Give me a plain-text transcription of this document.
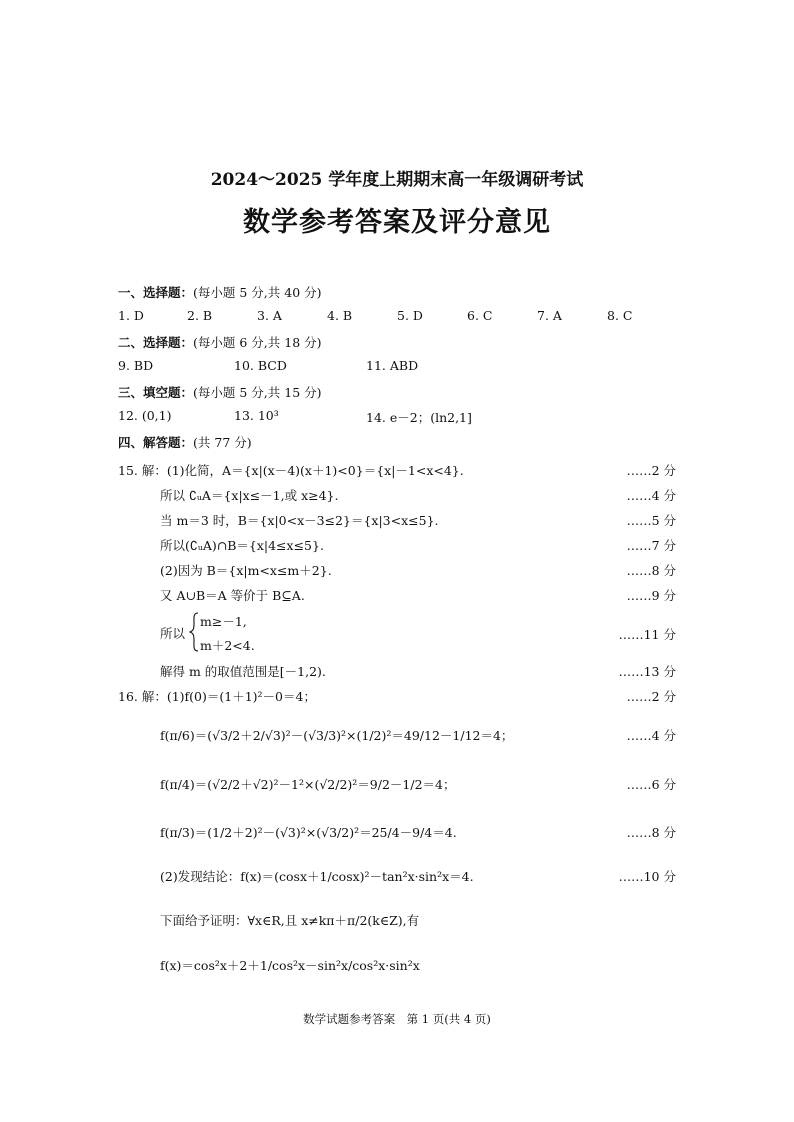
2024～2025 学年度上期期末高一年级调研考试
数学参考答案及评分意见
一、选择题：(每小题 5 分,共 40 分)
1. D	2. B	3. A	4. B	5. D	6. C	7. A	8. C
二、选择题：(每小题 6 分,共 18 分)
9. BD	10. BCD	11. ABD
三、填空题：(每小题 5 分,共 15 分)
12. (0,1)	13. 10³	14. e－2；(ln2,1]
四、解答题：(共 77 分)
15. 解：(1)化简，A＝{x|(x－4)(x＋1)<0}＝{x|－1<x<4}.	……2 分
所以 ∁ᵤA＝{x|x≤－1,或 x≥4}.	……4 分
当 m＝3 时，B＝{x|0<x－3≤2}＝{x|3<x≤5}.	……5 分
所以(∁ᵤA)∩B＝{x|4≤x≤5}.	……7 分
(2)因为 B＝{x|m<x≤m＋2}.	……8 分
又 A∪B＝A 等价于 B⊆A.	……9 分
所以
m≥－1,
m＋2<4.
……11 分
解得 m 的取值范围是[－1,2).	……13 分
16. 解：(1)f(0)＝(1＋1)²－0＝4；	……2 分
f(π/6)＝(√3/2＋2/√3)²－(√3/3)²×(1/2)²＝49/12－1/12＝4；	……4 分
f(π/4)＝(√2/2＋√2)²－1²×(√2/2)²＝9/2－1/2＝4；	……6 分
f(π/3)＝(1/2＋2)²－(√3)²×(√3/2)²＝25/4－9/4＝4.	……8 分
(2)发现结论：f(x)＝(cosx＋1/cosx)²－tan²x·sin²x＝4.	……10 分
下面给予证明：∀x∈R,且 x≠kπ＋π/2(k∈Z),有
f(x)＝cos²x＋2＋1/cos²x－sin²x/cos²x·sin²x
数学试题参考答案　第 1 页(共 4 页)
